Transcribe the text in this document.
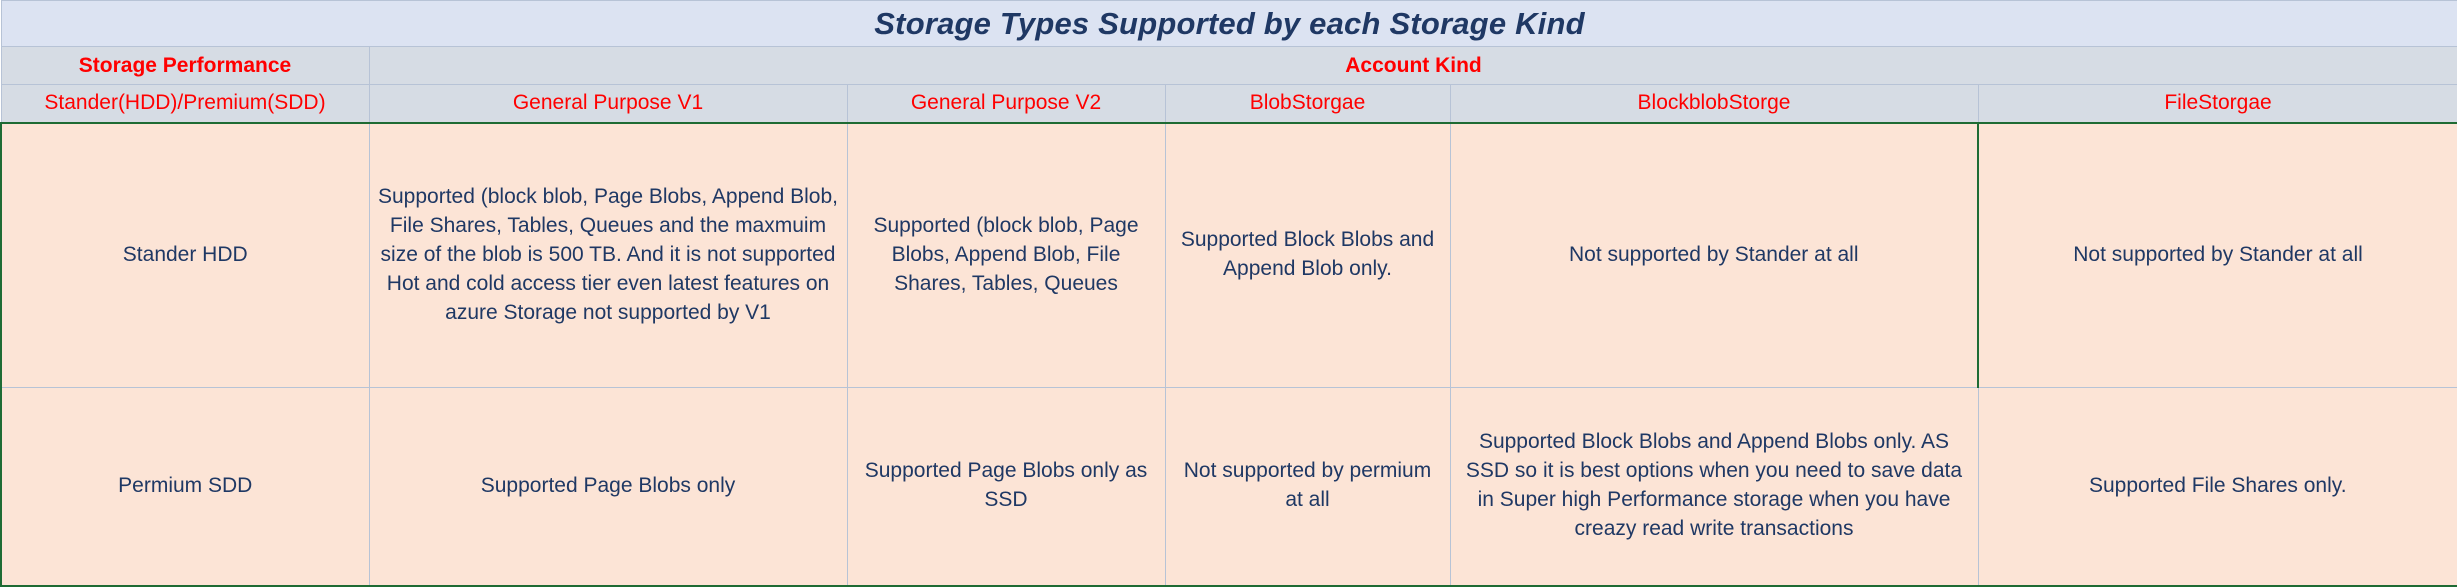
Storage Types Supported by each Storage Kind					
Storage Performance	Account Kind				
Stander(HDD)/Premium(SDD)	General Purpose V1	General Purpose V2	BlobStorgae	BlockblobStorge	FileStorgae
Stander HDD	Supported (block blob, Page Blobs, Append Blob, File Shares, Tables, Queues and the maxmuim size of the blob is 500 TB. And it is not supported Hot and cold access tier even latest features on azure Storage not supported by V1	Supported (block blob, Page Blobs, Append Blob, File Shares, Tables, Queues	Supported Block Blobs and Append Blob only.	Not supported by Stander at all	Not supported by Stander at all
Permium SDD	Supported Page Blobs only	Supported Page Blobs only as SSD	Not supported by permium at all	Supported Block Blobs and Append Blobs only. AS SSD so it is best options when you need to save data in Super high Performance storage when you have creazy read write transactions	Supported File Shares only.
